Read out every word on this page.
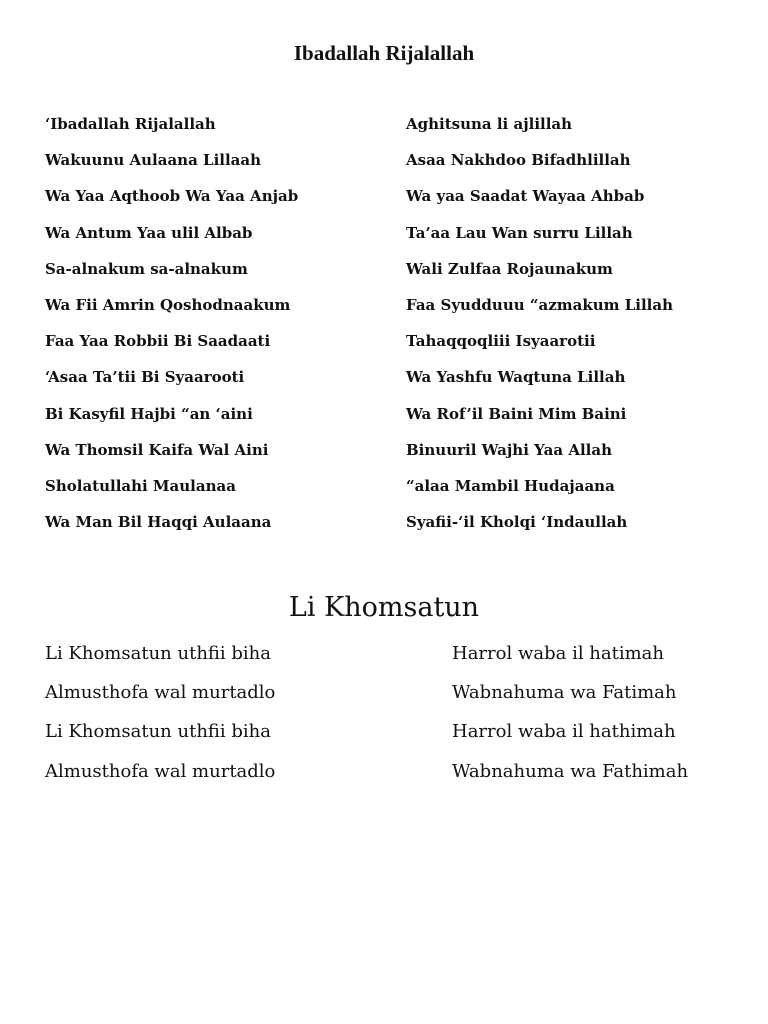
Ibadallah Rijalallah
‘Ibadallah Rijalallah	Aghitsuna li ajlillah
Wakuunu Aulaana Lillaah	Asaa Nakhdoo Bifadhlillah
Wa Yaa Aqthoob Wa Yaa Anjab	Wa yaa Saadat Wayaa Ahbab
Wa Antum Yaa ulil Albab	Ta’aa Lau Wan surru Lillah
Sa-alnakum sa-alnakum	Wali Zulfaa Rojaunakum
Wa Fii Amrin Qoshodnaakum	Faa Syudduuu “azmakum Lillah
Faa Yaa Robbii Bi Saadaati	Tahaqqoqliii Isyaarotii
‘Asaa Ta’tii Bi Syaarooti	Wa Yashfu Waqtuna Lillah
Bi Kasyfil Hajbi “an ‘aini	Wa Rof’il Baini Mim Baini
Wa Thomsil Kaifa Wal Aini	Binuuril Wajhi Yaa Allah
Sholatullahi Maulanaa	“alaa Mambil Hudajaana
Wa Man Bil Haqqi Aulaana	Syafii-‘il Kholqi ‘Indaullah
Li Khomsatun
Li Khomsatun uthfii biha	Harrol waba il hatimah
Almusthofa wal murtadlo	Wabnahuma wa Fatimah
Li Khomsatun uthfii biha	Harrol waba il hathimah
Almusthofa wal murtadlo	Wabnahuma wa Fathimah
